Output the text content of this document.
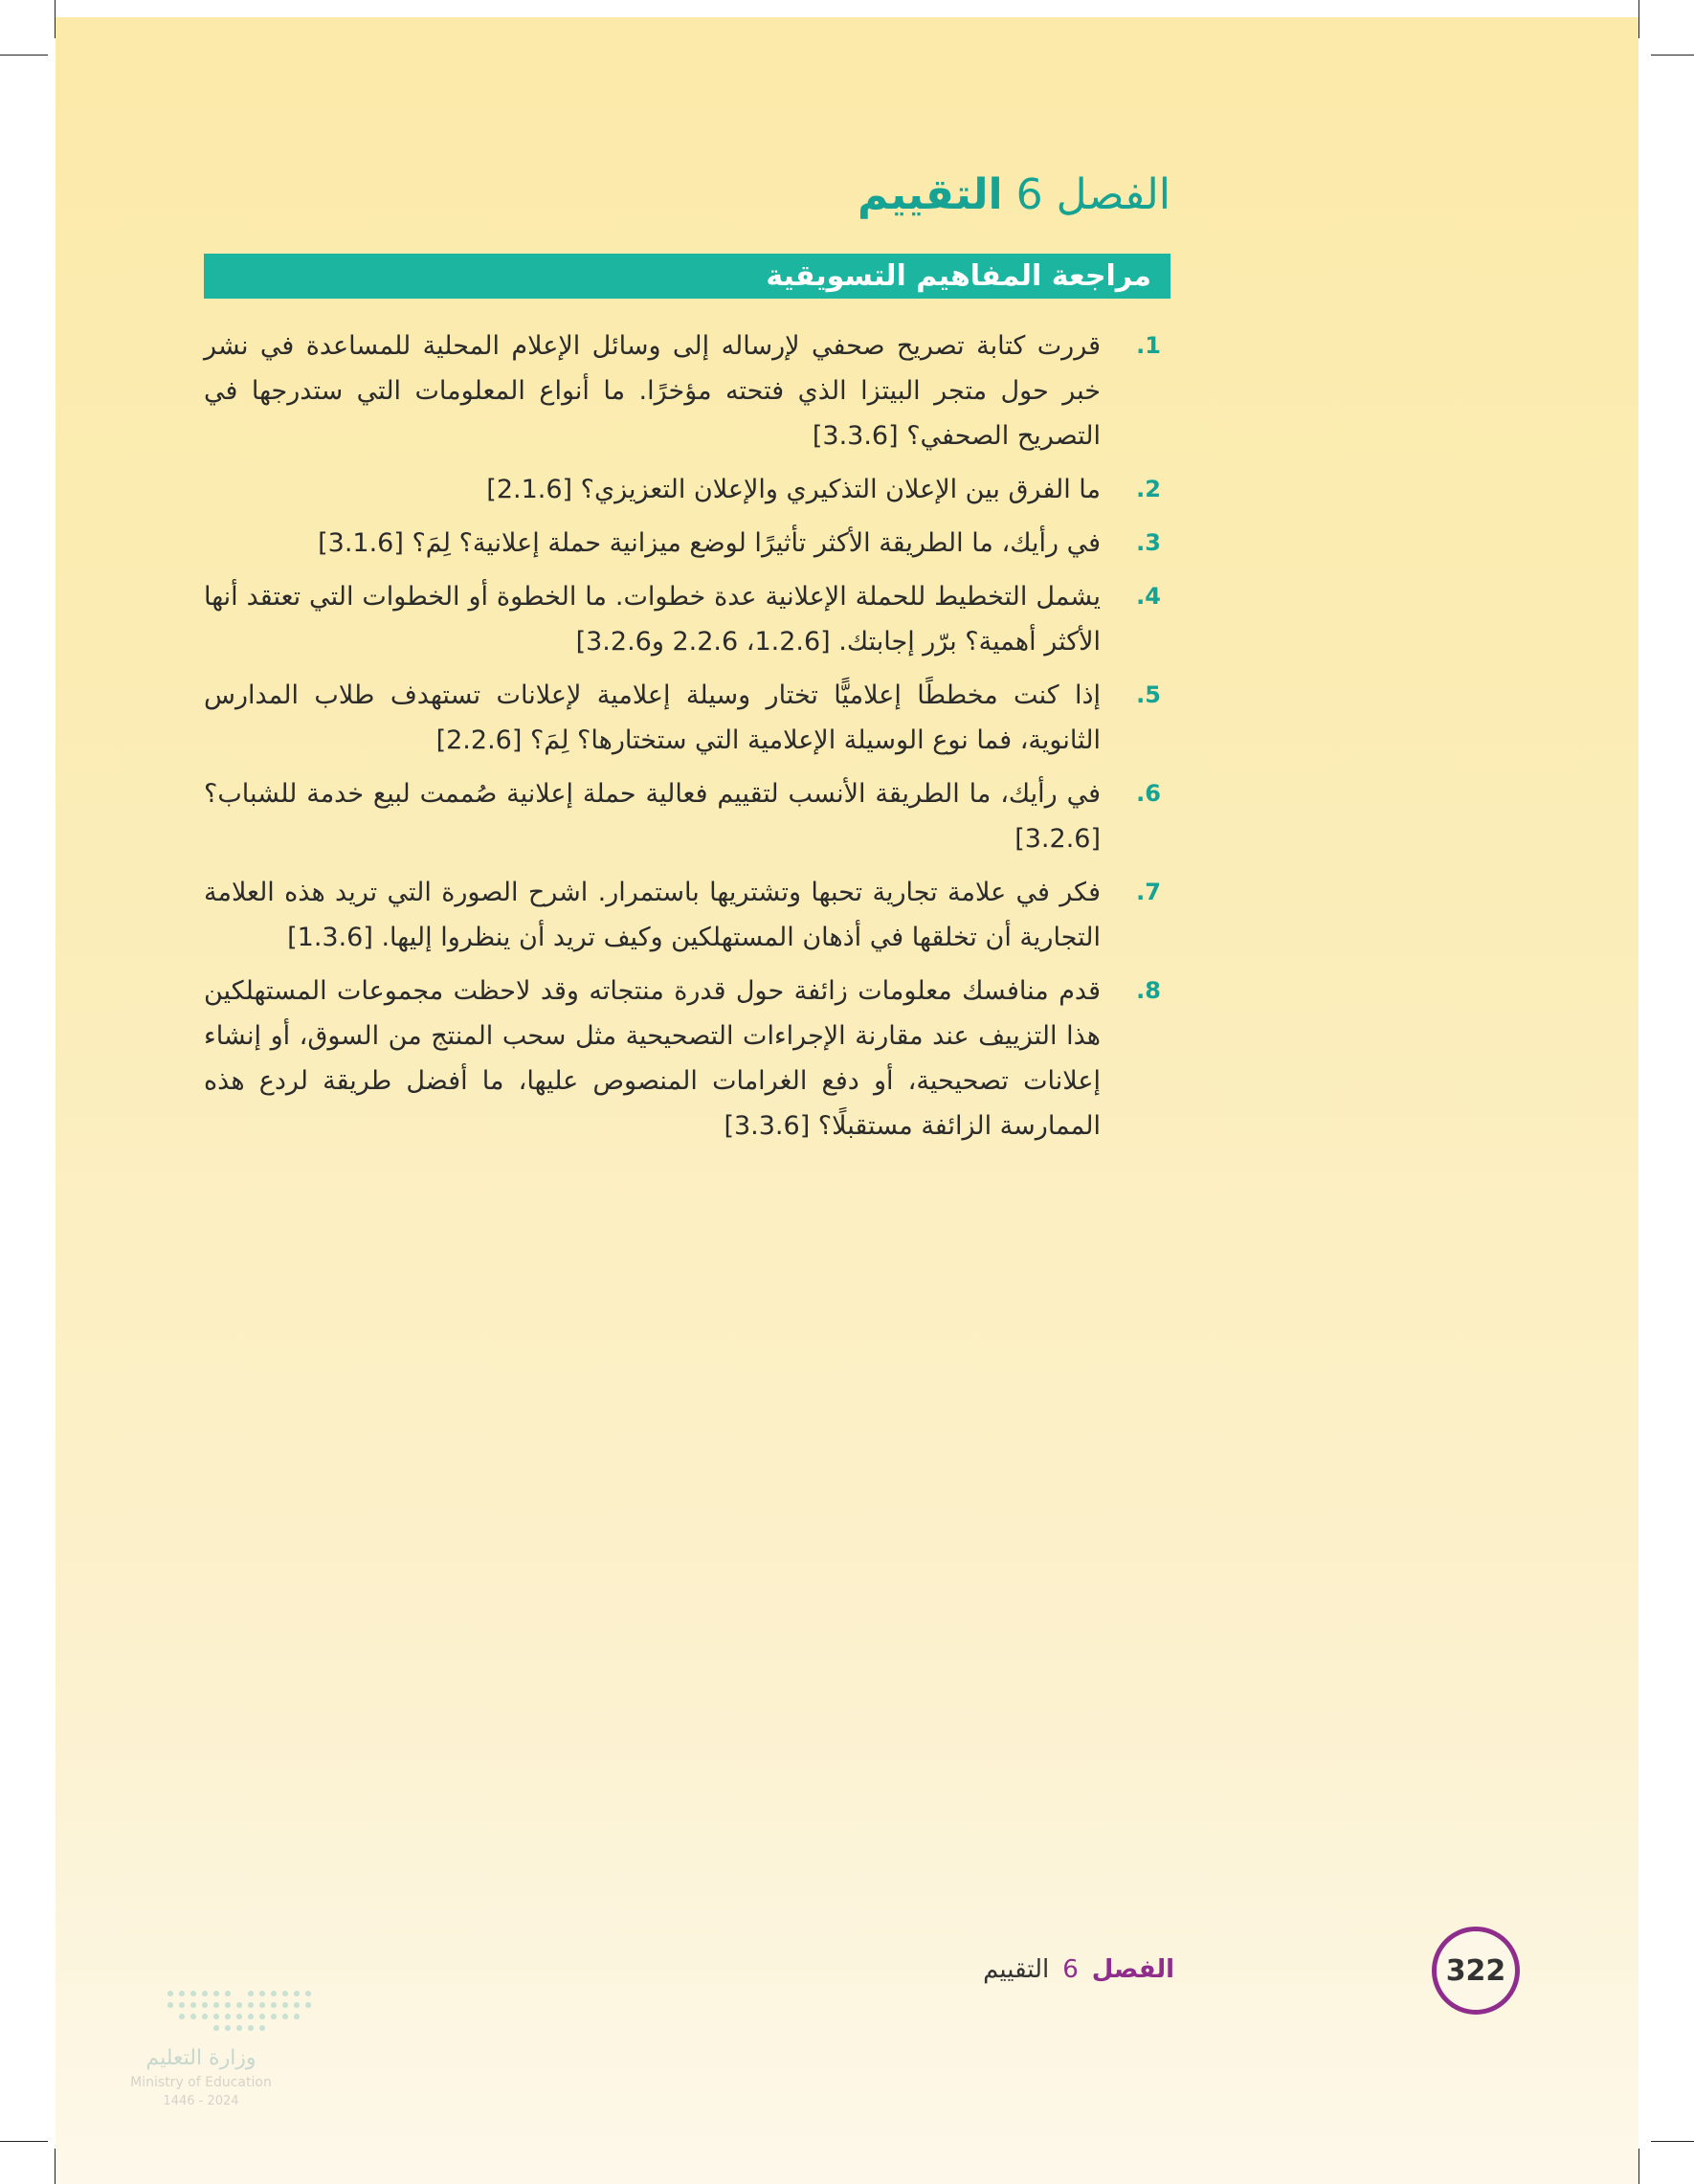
الفصل 6 التقييم
مراجعة المفاهيم التسويقية
1.
قررت كتابة تصريح صحفي لإرساله إلى وسائل الإعلام المحلية للمساعدة في نشر خبر حول متجر البيتزا الذي فتحته مؤخرًا. ما أنواع المعلومات التي ستدرجها في التصريح الصحفي؟ [3.3.6]
2.
ما الفرق بين الإعلان التذكيري والإعلان التعزيزي؟ [2.1.6]
3.
في رأيك، ما الطريقة الأكثر تأثيرًا لوضع ميزانية حملة إعلانية؟ لِمَ؟ [3.1.6]
4.
يشمل التخطيط للحملة الإعلانية عدة خطوات. ما الخطوة أو الخطوات التي تعتقد أنها الأكثر أهمية؟ برّر إجابتك. [1.2.6، 2.2.6 و3.2.6]
5.
إذا كنت مخططًا إعلاميًّا تختار وسيلة إعلامية لإعلانات تستهدف طلاب المدارس الثانوية، فما نوع الوسيلة الإعلامية التي ستختارها؟ لِمَ؟ [2.2.6]
6.
في رأيك، ما الطريقة الأنسب لتقييم فعالية حملة إعلانية صُممت لبيع خدمة للشباب؟ [3.2.6]
7.
فكر في علامة تجارية تحبها وتشتريها باستمرار. اشرح الصورة التي تريد هذه العلامة التجارية أن تخلقها في أذهان المستهلكين وكيف تريد أن ينظروا إليها. [1.3.6]
8.
قدم منافسك معلومات زائفة حول قدرة منتجاته وقد لاحظت مجموعات المستهلكين هذا التزييف عند مقارنة الإجراءات التصحيحية مثل سحب المنتج من السوق، أو إنشاء إعلانات تصحيحية، أو دفع الغرامات المنصوص عليها، ما أفضل طريقة لردع هذه الممارسة الزائفة مستقبلًا؟ [3.3.6]
322
الفصل6التقييم
وزارة التعليم
Ministry of Education
2024 - 1446
